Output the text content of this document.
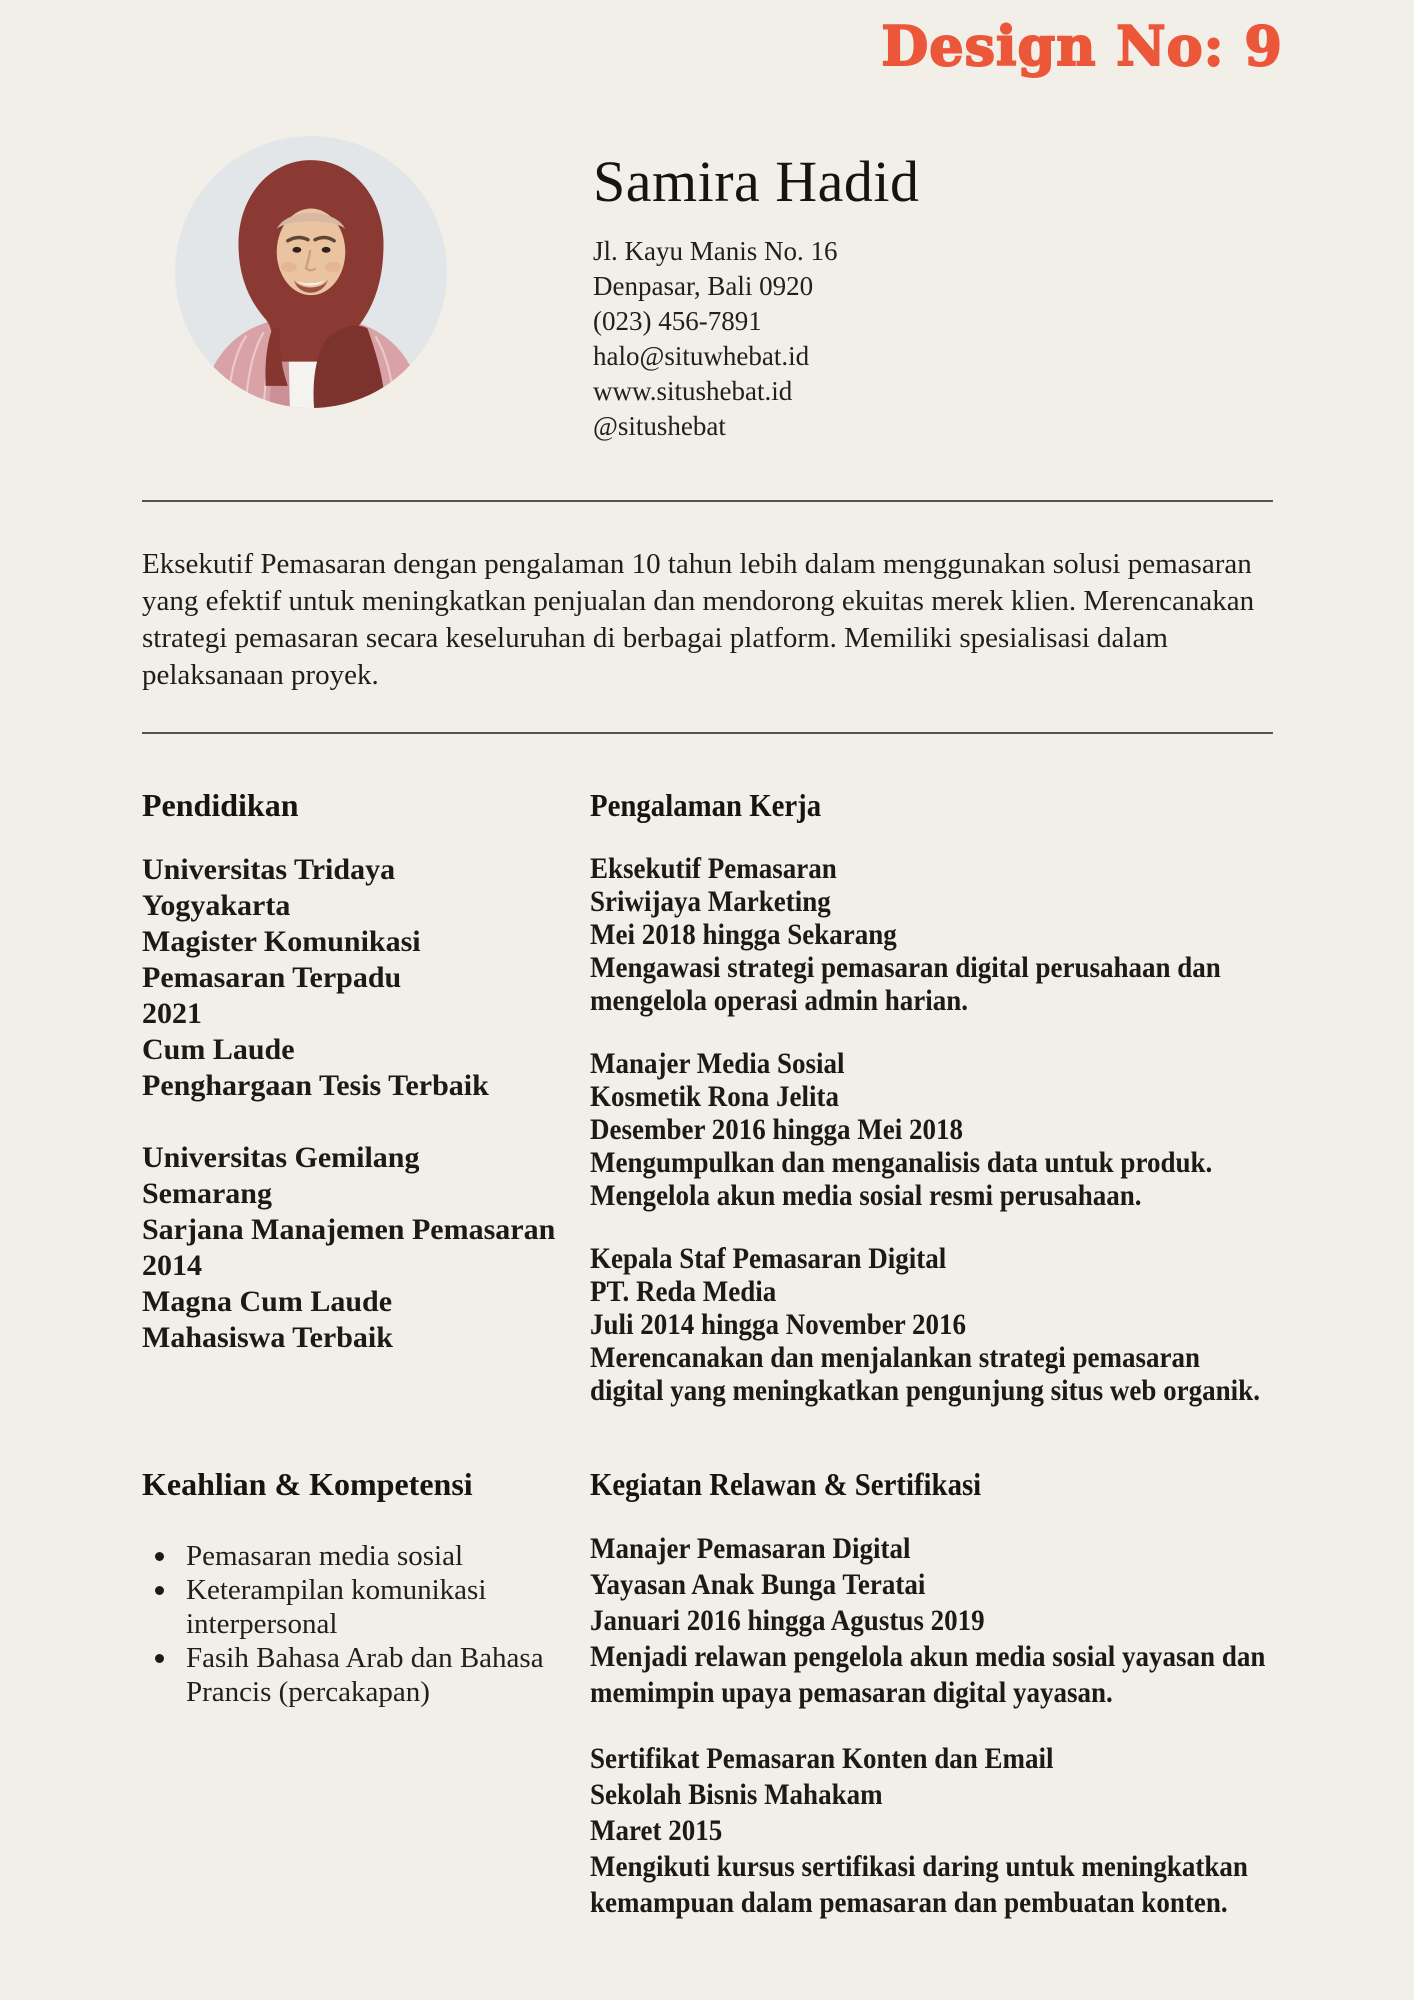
Design No: 9
Samira Hadid
Jl. Kayu Manis No. 16
Denpasar, Bali 0920
(023) 456-7891
halo@situwhebat.id
www.situshebat.id
@situshebat

Eksekutif Pemasaran dengan pengalaman 10 tahun lebih dalam menggunakan solusi pemasaran yang efektif untuk meningkatkan penjualan dan mendorong ekuitas merek klien. Merencanakan strategi pemasaran secara keseluruhan di berbagai platform. Memiliki spesialisasi dalam pelaksanaan proyek.

Pendidikan
Universitas Tridaya
Yogyakarta
Magister Komunikasi
Pemasaran Terpadu
2021
Cum Laude
Penghargaan Tesis Terbaik
Universitas Gemilang
Semarang
Sarjana Manajemen Pemasaran
2014
Magna Cum Laude
Mahasiswa Terbaik
Pengalaman Kerja
Eksekutif Pemasaran
Sriwijaya Marketing
Mei 2018 hingga Sekarang
Mengawasi strategi pemasaran digital perusahaan dan mengelola operasi admin harian.
Manajer Media Sosial
Kosmetik Rona Jelita
Desember 2016 hingga Mei 2018
Mengumpulkan dan menganalisis data untuk produk. Mengelola akun media sosial resmi perusahaan.
Kepala Staf Pemasaran Digital
PT. Reda Media
Juli 2014 hingga November 2016
Merencanakan dan menjalankan strategi pemasaran digital yang meningkatkan pengunjung situs web organik.
Keahlian & Kompetensi
Pemasaran media sosial
Keterampilan komunikasi interpersonal
Fasih Bahasa Arab dan Bahasa Prancis (percakapan)
Kegiatan Relawan & Sertifikasi
Manajer Pemasaran Digital
Yayasan Anak Bunga Teratai
Januari 2016 hingga Agustus 2019
Menjadi relawan pengelola akun media sosial yayasan dan memimpin upaya pemasaran digital yayasan.
Sertifikat Pemasaran Konten dan Email
Sekolah Bisnis Mahakam
Maret 2015
Mengikuti kursus sertifikasi daring untuk meningkatkan kemampuan dalam pemasaran dan pembuatan konten.
